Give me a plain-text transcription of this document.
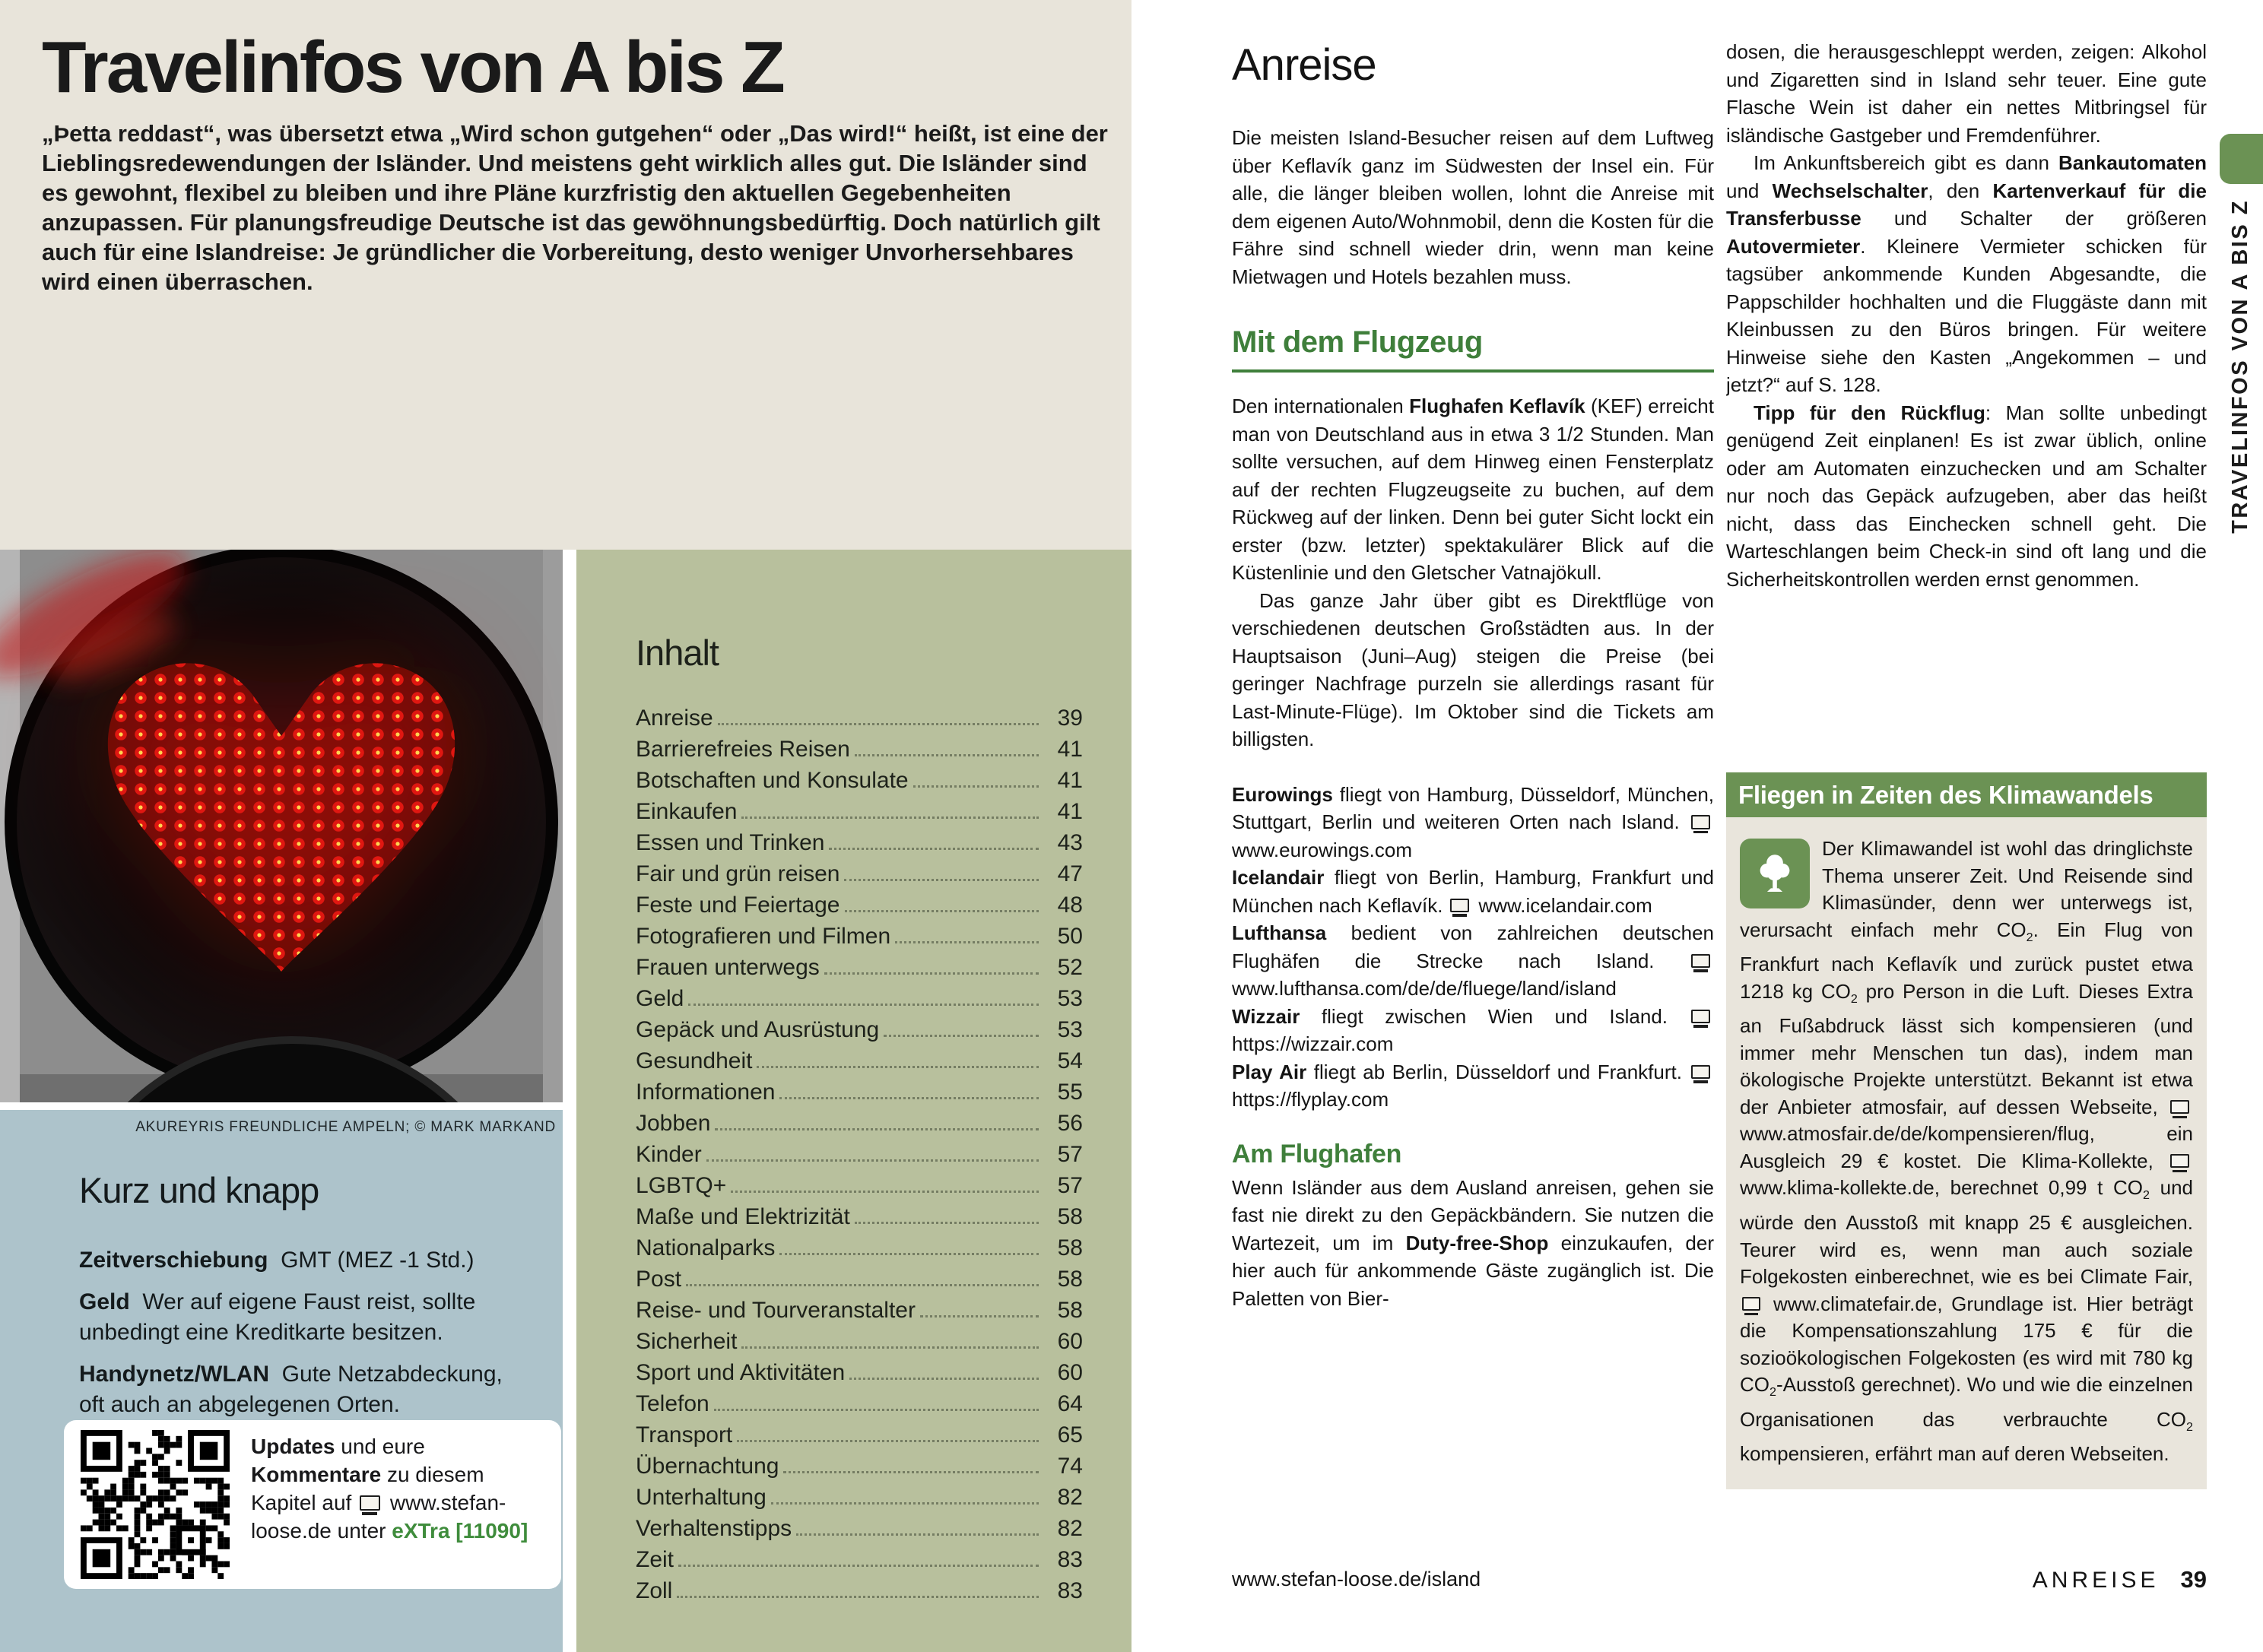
Travelinfos von A bis Z
„Þetta reddast“, was übersetzt etwa „Wird schon gutgehen“ oder „Das wird!“ heißt, ist eine der Lieblingsredewendungen der Isländer. Und meistens geht wirklich alles gut. Die Isländer sind es gewohnt, flexibel zu bleiben und ihre Pläne kurzfristig den aktuellen Gegebenheiten anzupassen. Für planungsfreudige Deutsche ist das gewöhnungsbedürftig. Doch natürlich gilt auch für eine Islandreise: Je gründlicher die Vorbereitung, desto weniger Unvorhersehbares wird einen überraschen.
Inhalt
Anreise	39
Barrierefreies Reisen	41
Botschaften und Konsulate	41
Einkaufen	41
Essen und Trinken	43
Fair und grün reisen	47
Feste und Feiertage	48
Fotografieren und Filmen	50
Frauen unterwegs	52
Geld	53
Gepäck und Ausrüstung	53
Gesundheit	54
Informationen	55
Jobben	56
Kinder	57
LGBTQ+	57
Maße und Elektrizität	58
Nationalparks	58
Post	58
Reise- und Tourveranstalter	58
Sicherheit	60
Sport und Aktivitäten	60
Telefon	64
Transport	65
Übernachtung	74
Unterhaltung	82
Verhaltenstipps	82
Zeit	83
Zoll	83
AKUREYRIS FREUNDLICHE AMPELN; © MARK MARKAND
Kurz und knapp

Zeitverschiebung GMT (MEZ -1 Std.)

Geld Wer auf eigene Faust reist, sollte unbedingt eine Kreditkarte besitzen.

Handynetz/WLAN Gute Netzabdeckung, oft auch an abgelegenen Orten.

Updates und eure Kommentare zu diesem Kapitel auf  www.stefan-loose.de unter eXTra [11090]
Anreise

Die meisten Island-Besucher reisen auf dem Luftweg über Keflavík ganz im Südwesten der Insel ein. Für alle, die länger bleiben wollen, lohnt die Anreise mit dem eigenen Auto/Wohnmobil, denn die Kosten für die Fähre sind schnell wieder drin, wenn man keine Mietwagen und Hotels bezahlen muss.

Mit dem Flugzeug

Den internationalen Flughafen Keflavík (KEF) erreicht man von Deutschland aus in etwa 3 1/2 Stunden. Man sollte versuchen, auf dem Hinweg einen Fensterplatz auf der rechten Flugzeugseite zu buchen, auf dem Rückweg auf der linken. Denn bei guter Sicht lockt ein erster (bzw. letzter) spektakulärer Blick auf die Küstenlinie und den Gletscher Vatnajökull.

Das ganze Jahr über gibt es Direktflüge von verschiedenen deutschen Großstädten aus. In der Hauptsaison (Juni–Aug) steigen die Preise (bei geringer Nachfrage purzeln sie allerdings rasant für Last-Minute-Flüge). Im Oktober sind die Tickets am billigsten.

Eurowings fliegt von Hamburg, Düsseldorf, München, Stuttgart, Berlin und weiteren Orten nach Island.  www.eurowings.com

Icelandair fliegt von Berlin, Hamburg, Frankfurt und München nach Keflavík.  www.icelandair.com

Lufthansa bedient von zahlreichen deutschen Flughäfen die Strecke nach Island.  www.lufthansa.com/de/de/fluege/land/island

Wizzair fliegt zwischen Wien und Island.  https://wizzair.com

Play Air fliegt ab Berlin, Düsseldorf und Frankfurt.  https://flyplay.com

Am Flughafen

Wenn Isländer aus dem Ausland anreisen, gehen sie fast nie direkt zu den Gepäckbändern. Sie nutzen die Wartezeit, um im Duty-free-Shop einzukaufen, der hier auch für ankommende Gäste zugänglich ist. Die Paletten von Bier-

dosen, die herausgeschleppt werden, zeigen: Alkohol und Zigaretten sind in Island sehr teuer. Eine gute Flasche Wein ist daher ein nettes Mitbringsel für isländische Gastgeber und Fremdenführer.

Im Ankunftsbereich gibt es dann Bankautomaten und Wechselschalter, den Kartenverkauf für die Transferbusse und Schalter der größeren Autovermieter. Kleinere Vermieter schicken für tagsüber ankommende Kunden Abgesandte, die Pappschilder hochhalten und die Fluggäste dann mit Kleinbussen zu den Büros bringen. Für weitere Hinweise siehe den Kasten „Angekommen – und jetzt?“ auf S. 128.

Tipp für den Rückflug: Man sollte unbedingt genügend Zeit einplanen! Es ist zwar üblich, online oder am Automaten einzuchecken und am Schalter nur noch das Gepäck aufzugeben, aber das heißt nicht, dass das Einchecken schnell geht. Die Warteschlangen beim Check-in sind oft lang und die Sicherheitskontrollen werden ernst genommen.

Fliegen in Zeiten des Klimawandels

Der Klimawandel ist wohl das dringlichste Thema unserer Zeit. Und Reisende sind Klimasünder, denn wer unterwegs ist, verursacht einfach mehr $CO_2$. Ein Flug von Frankfurt nach Keflavík und zurück pustet etwa 1218 kg $CO_2$ pro Person in die Luft. Dieses Extra an Fußabdruck lässt sich kompensieren (und immer mehr Menschen tun das), indem man ökologische Projekte unterstützt. Bekannt ist etwa der Anbieter atmosfair, auf dessen Webseite,  www.atmosfair.de/de/kompensieren/flug, ein Ausgleich 29 € kostet. Die Klima-Kollekte,  www.klima-kollekte.de, berechnet 0,99 t $CO_2$ und würde den Ausstoß mit knapp 25 € ausgleichen. Teurer wird es, wenn man auch soziale Folgekosten einberechnet, wie es bei Climate Fair,  www.climatefair.de, Grundlage ist. Hier beträgt die Kompensationszahlung 175 € für die sozioökologischen Folgekosten (es wird mit 780 kg $CO_2$-Ausstoß gerechnet). Wo und wie die einzelnen Organisationen das verbrauchte $CO_2$ kompensieren, erfährt man auf deren Webseiten.

www.stefan-loose.de/island	ANREISE 39
TRAVELINFOS VON A BIS Z
